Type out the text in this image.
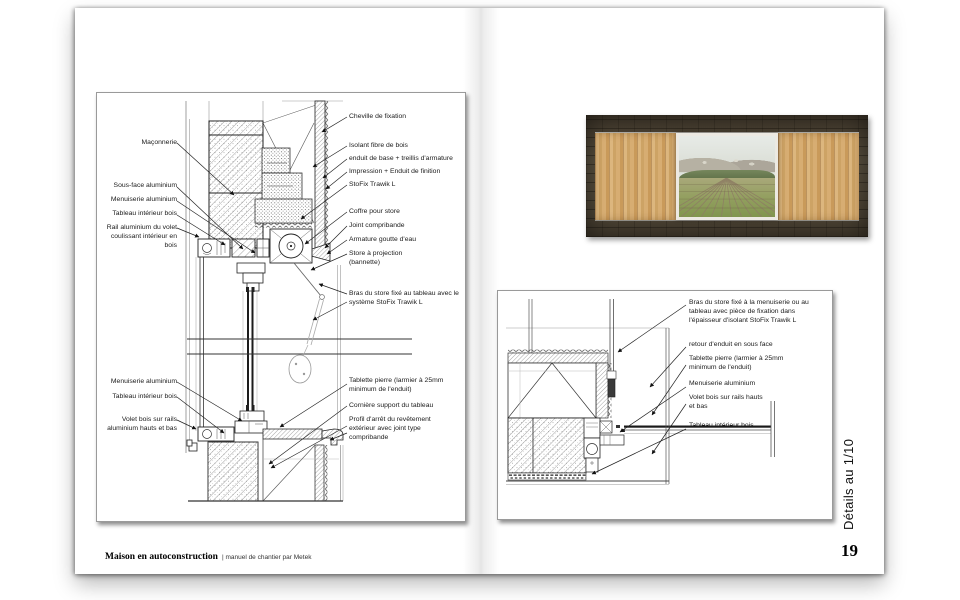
Maçonnerie
Sous-face aluminium
Menuiserie aluminium
Tableau intérieur bois
Rail aluminium du volet coulissant intérieur en bois
Menuiserie aluminium
Tableau intérieur bois
Volet bois sur rails aluminium hauts et bas
Cheville de fixation
Isolant fibre de bois
enduit de base + treillis d'armature
Impression + Enduit de finition
StoFix Trawik L
Coffre pour store
Joint compribande
Armature goutte d'eau
Store à projection (bannette)
Bras du store fixé au tableau avec le système StoFix Trawik L
Tablette pierre (larmier à 25mm minimum de l'enduit)
Cornière support du tableau
Profil d'arrêt du revêtement extérieur avec joint type compribande
Maison en autoconstruction | manuel de chantier par Metek
Bras du store fixé à la menuiserie ou au tableau avec pièce de fixation dans l'épaisseur d'isolant StoFix Trawik L
retour d'enduit en sous face
Tablette pierre (larmier à 25mm minimum de l'enduit)
Menuiserie aluminium
Volet bois sur rails hauts et bas
Tableau intérieur bois
Détails au 1/10
19
